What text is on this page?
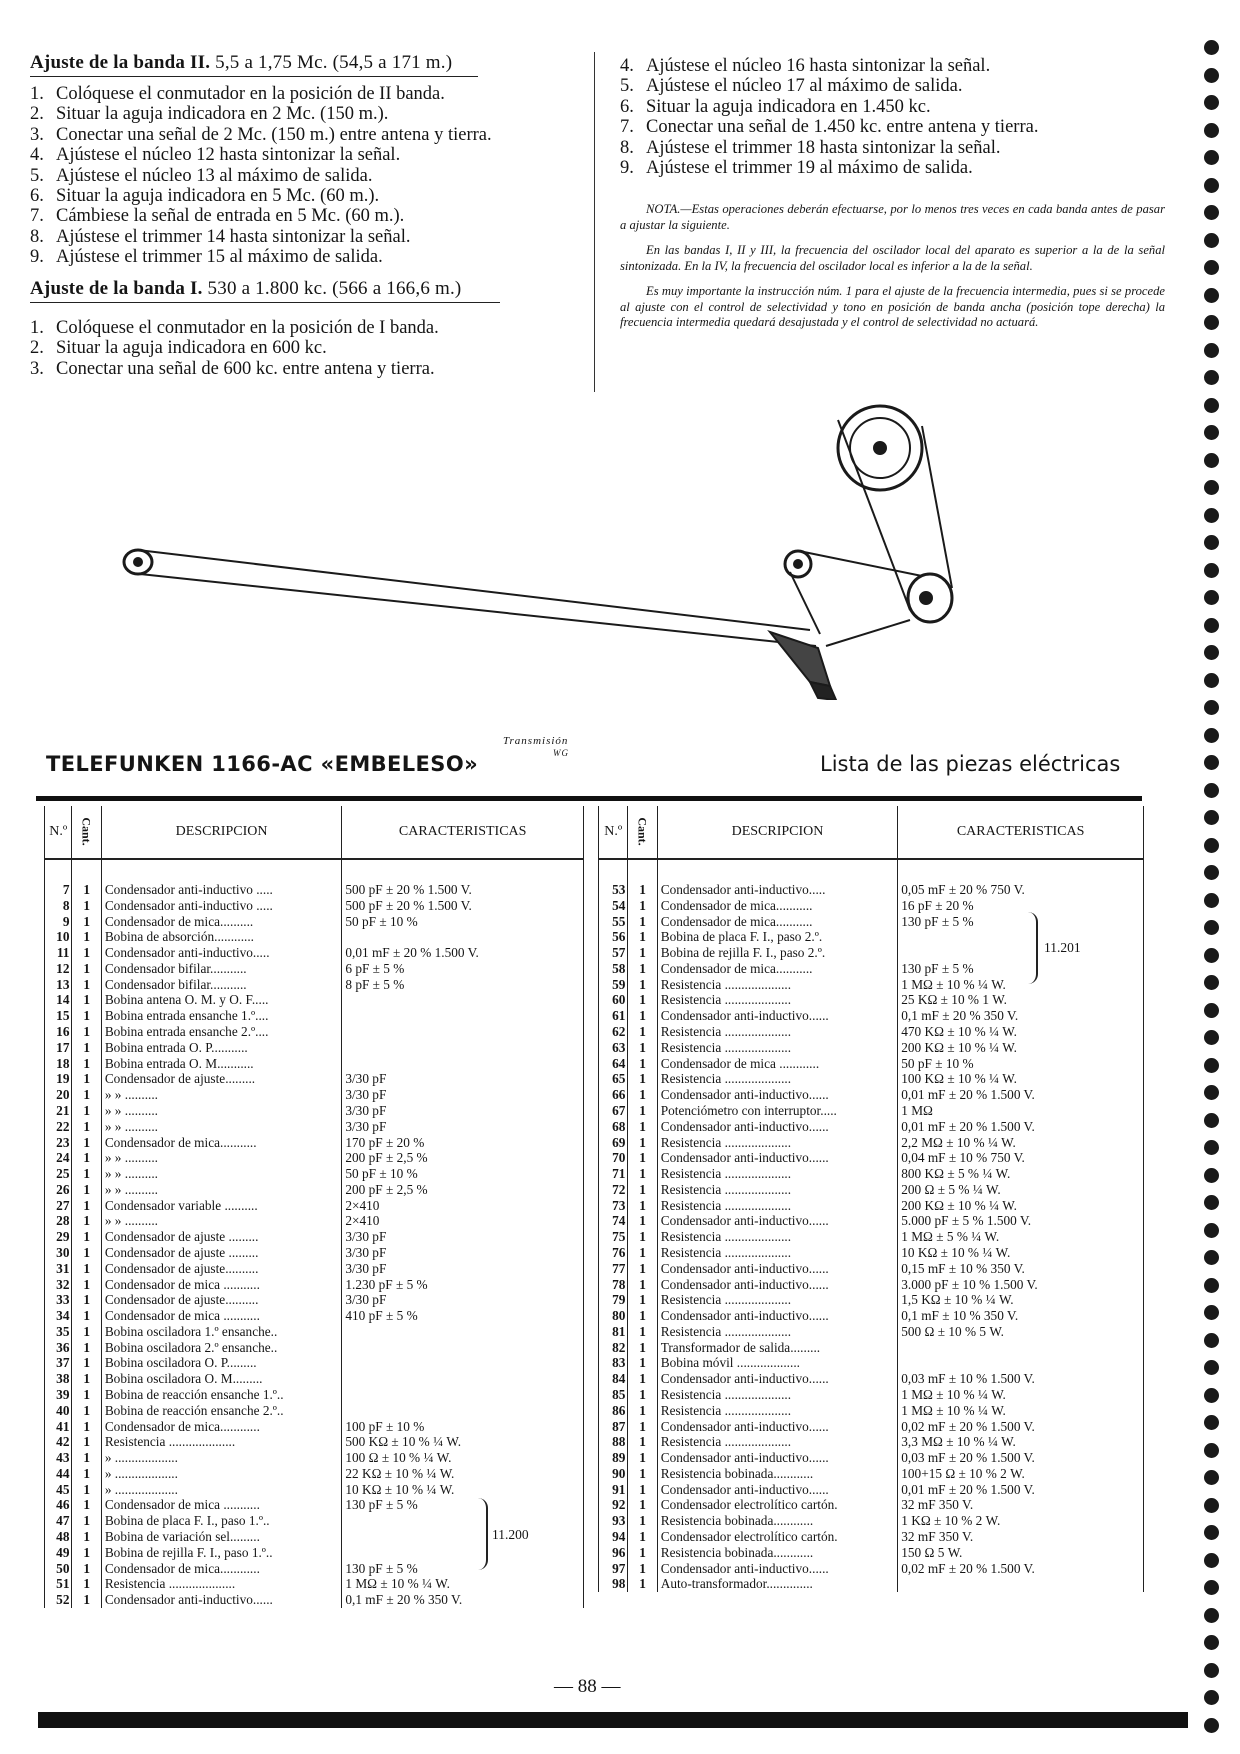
Ajuste de la banda II. 5,5 a 1,75 Mc. (54,5 a 171 m.)
1. Colóquese el conmutador en la posición de II banda.
2. Situar la aguja indicadora en 2 Mc. (150 m.).
3. Conectar una señal de 2 Mc. (150 m.) entre antena y tierra.
4. Ajústese el núcleo 12 hasta sintonizar la señal.
5. Ajústese el núcleo 13 al máximo de salida.
6. Situar la aguja indicadora en 5 Mc. (60 m.).
7. Cámbiese la señal de entrada en 5 Mc. (60 m.).
8. Ajústese el trimmer 14 hasta sintonizar la señal.
9. Ajústese el trimmer 15 al máximo de salida.
Ajuste de la banda I. 530 a 1.800 kc. (566 a 166,6 m.)
1. Colóquese el conmutador en la posición de I banda.
2. Situar la aguja indicadora en 600 kc.
3. Conectar una señal de 600 kc. entre antena y tierra.
4. Ajústese el núcleo 16 hasta sintonizar la señal.
5. Ajústese el núcleo 17 al máximo de salida.
6. Situar la aguja indicadora en 1.450 kc.
7. Conectar una señal de 1.450 kc. entre antena y tierra.
8. Ajústese el trimmer 18 hasta sintonizar la señal.
9. Ajústese el trimmer 19 al máximo de salida.

NOTA.—Estas operaciones deberán efectuarse, por lo menos tres veces en cada banda antes de pasar a ajustar la siguiente.

En las bandas I, II y III, la frecuencia del oscilador local del aparato es superior a la de la señal sintonizada. En la IV, la frecuencia del oscilador local es inferior a la de la señal.

Es muy importante la instrucción núm. 1 para el ajuste de la frecuencia intermedia, pues si se procede al ajuste con el control de selectividad y tono en posición de banda ancha (posición tope derecha) la frecuencia intermedia quedará desajustada y el control de selectividad no actuará.

Transmisión
WG
TELEFUNKEN 1166-AC «EMBELESO»	Lista de las piezas eléctricas
N.º	Cant.	DESCRIPCION	CARACTERISTICAS
7	1	Condensador anti-inductivo .....	500 pF ± 20 % 1.500 V.
8	1	Condensador anti-inductivo .....	500 pF ± 20 % 1.500 V.
9	1	Condensador de mica..........	50 pF ± 10 %
10	1	Bobina de absorción............	
11	1	Condensador anti-inductivo.....	0,01 mF ± 20 % 1.500 V.
12	1	Condensador bifilar...........	6 pF ± 5 %
13	1	Condensador bifilar...........	8 pF ± 5 %
14	1	Bobina antena O. M. y O. F.....	
15	1	Bobina entrada ensanche 1.º....	
16	1	Bobina entrada ensanche 2.º....	
17	1	Bobina entrada O. P...........	
18	1	Bobina entrada O. M...........	
19	1	Condensador de ajuste.........	3/30 pF
20	1	» » ..........	3/30 pF
21	1	» » ..........	3/30 pF
22	1	» » ..........	3/30 pF
23	1	Condensador de mica...........	170 pF ± 20 %
24	1	» » ..........	200 pF ± 2,5 %
25	1	» » ..........	50 pF ± 10 %
26	1	» » ..........	200 pF ± 2,5 %
27	1	Condensador variable ..........	2×410
28	1	» » ..........	2×410
29	1	Condensador de ajuste .........	3/30 pF
30	1	Condensador de ajuste .........	3/30 pF
31	1	Condensador de ajuste..........	3/30 pF
32	1	Condensador de mica ...........	1.230 pF ± 5 %
33	1	Condensador de ajuste..........	3/30 pF
34	1	Condensador de mica ...........	410 pF ± 5 %
35	1	Bobina osciladora 1.º ensanche..	
36	1	Bobina osciladora 2.º ensanche..	
37	1	Bobina osciladora O. P.........	
38	1	Bobina osciladora O. M.........	
39	1	Bobina de reacción ensanche 1.º..	
40	1	Bobina de reacción ensanche 2.º..	
41	1	Condensador de mica............	100 pF ± 10 %
42	1	Resistencia ....................	500 KΩ ± 10 % ¼ W.
43	1	» ...................	100 Ω ± 10 % ¼ W.
44	1	» ...................	22 KΩ ± 10 % ¼ W.
45	1	» ...................	10 KΩ ± 10 % ¼ W.
46	1	Condensador de mica ...........	130 pF ± 5 %
47	1	Bobina de placa F. I., paso 1.º..	
48	1	Bobina de variación sel.........	
49	1	Bobina de rejilla F. I., paso 1.º..	
50	1	Condensador de mica............	130 pF ± 5 %
51	1	Resistencia ....................	1 MΩ ± 10 % ¼ W.
52	1	Condensador anti-inductivo......	0,1 mF ± 20 % 350 V.
N.º	Cant.	DESCRIPCION	CARACTERISTICAS
53	1	Condensador anti-inductivo.....	0,05 mF ± 20 % 750 V.
54	1	Condensador de mica...........	16 pF ± 20 %
55	1	Condensador de mica...........	130 pF ± 5 %
56	1	Bobina de placa F. I., paso 2.º.	
57	1	Bobina de rejilla F. I., paso 2.º.	
58	1	Condensador de mica...........	130 pF ± 5 %
59	1	Resistencia ....................	1 MΩ ± 10 % ¼ W.
60	1	Resistencia ....................	25 KΩ ± 10 % 1 W.
61	1	Condensador anti-inductivo......	0,1 mF ± 20 % 350 V.
62	1	Resistencia ....................	470 KΩ ± 10 % ¼ W.
63	1	Resistencia ....................	200 KΩ ± 10 % ¼ W.
64	1	Condensador de mica ............	50 pF ± 10 %
65	1	Resistencia ....................	100 KΩ ± 10 % ¼ W.
66	1	Condensador anti-inductivo......	0,01 mF ± 20 % 1.500 V.
67	1	Potenciómetro con interruptor.....	1 MΩ
68	1	Condensador anti-inductivo......	0,01 mF ± 20 % 1.500 V.
69	1	Resistencia ....................	2,2 MΩ ± 10 % ¼ W.
70	1	Condensador anti-inductivo......	0,04 mF ± 10 % 750 V.
71	1	Resistencia ....................	800 KΩ ± 5 % ¼ W.
72	1	Resistencia ....................	200 Ω ± 5 % ¼ W.
73	1	Resistencia ....................	200 KΩ ± 10 % ¼ W.
74	1	Condensador anti-inductivo......	5.000 pF ± 5 % 1.500 V.
75	1	Resistencia ....................	1 MΩ ± 5 % ¼ W.
76	1	Resistencia ....................	10 KΩ ± 10 % ¼ W.
77	1	Condensador anti-inductivo......	0,15 mF ± 10 % 350 V.
78	1	Condensador anti-inductivo......	3.000 pF ± 10 % 1.500 V.
79	1	Resistencia ....................	1,5 KΩ ± 10 % ¼ W.
80	1	Condensador anti-inductivo......	0,1 mF ± 10 % 350 V.
81	1	Resistencia ....................	500 Ω ± 10 % 5 W.
82	1	Transformador de salida.........	
83	1	Bobina móvil ...................	
84	1	Condensador anti-inductivo......	0,03 mF ± 10 % 1.500 V.
85	1	Resistencia ....................	1 MΩ ± 10 % ¼ W.
86	1	Resistencia ....................	1 MΩ ± 10 % ¼ W.
87	1	Condensador anti-inductivo......	0,02 mF ± 20 % 1.500 V.
88	1	Resistencia ....................	3,3 MΩ ± 10 % ¼ W.
89	1	Condensador anti-inductivo......	0,03 mF ± 20 % 1.500 V.
90	1	Resistencia bobinada............	100+15 Ω ± 10 % 2 W.
91	1	Condensador anti-inductivo......	0,01 mF ± 20 % 1.500 V.
92	1	Condensador electrolítico cartón.	32 mF 350 V.
93	1	Resistencia bobinada............	1 KΩ ± 10 % 2 W.
94	1	Condensador electrolítico cartón.	32 mF 350 V.
96	1	Resistencia bobinada............	150 Ω 5 W.
97	1	Condensador anti-inductivo......	0,02 mF ± 20 % 1.500 V.
98	1	Auto-transformador..............	
11.200
11.201
— 88 —
